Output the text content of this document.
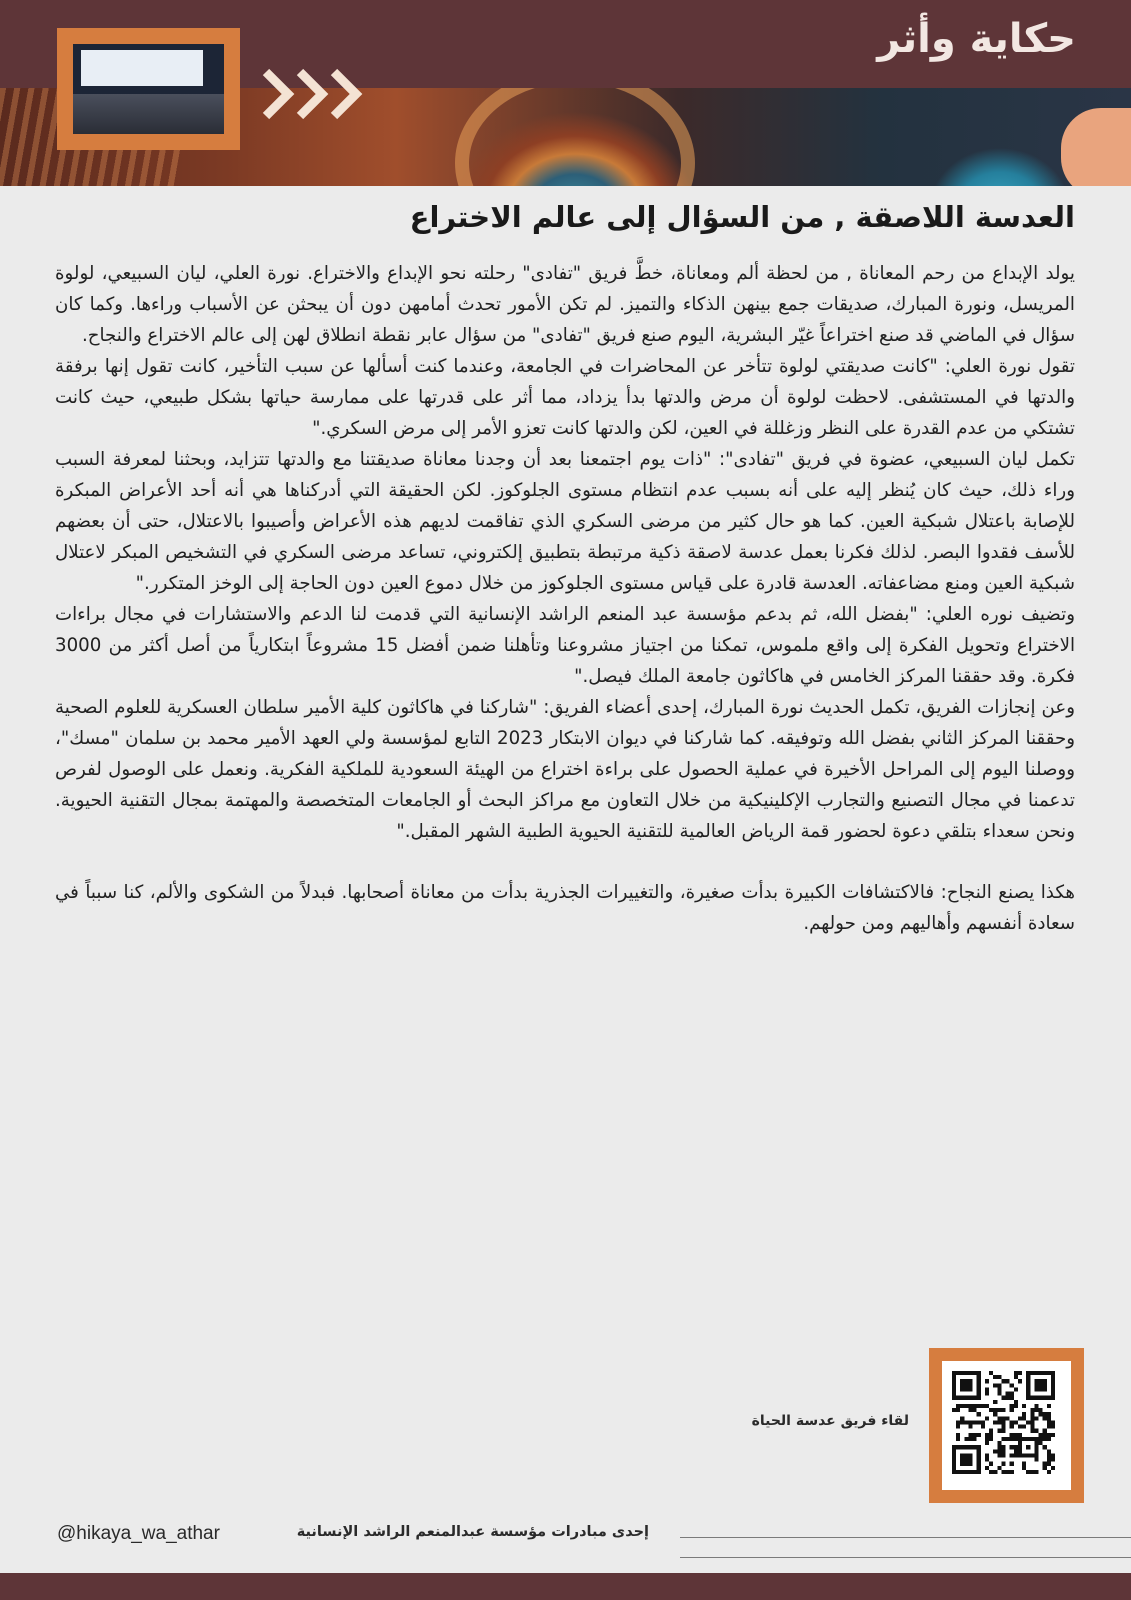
حكاية وأثر
العدسة اللاصقة , من السؤال إلى عالم الاختراع

يولد الإبداع من رحم المعاناة , من لحظة ألم ومعاناة، خطَّ فريق "تفادى" رحلته نحو الإبداع والاختراع. نورة العلي، ليان السبيعي، لولوة المريسل، ونورة المبارك، صديقات جمع بينهن الذكاء والتميز. لم تكن الأمور تحدث أمامهن دون أن يبحثن عن الأسباب وراءها. وكما كان سؤال في الماضي قد صنع اختراعاً غيّر البشرية، اليوم صنع فريق "تفادى" من سؤال عابر نقطة انطلاق لهن إلى عالم الاختراع والنجاح.

تقول نورة العلي: "كانت صديقتي لولوة تتأخر عن المحاضرات في الجامعة، وعندما كنت أسألها عن سبب التأخير، كانت تقول إنها برفقة والدتها في المستشفى. لاحظت لولوة أن مرض والدتها بدأ يزداد، مما أثر على قدرتها على ممارسة حياتها بشكل طبيعي، حيث كانت تشتكي من عدم القدرة على النظر وزغللة في العين، لكن والدتها كانت تعزو الأمر إلى مرض السكري."

تكمل ليان السبيعي، عضوة في فريق "تفادى": "ذات يوم اجتمعنا بعد أن وجدنا معاناة صديقتنا مع والدتها تتزايد، وبحثنا لمعرفة السبب وراء ذلك، حيث كان يُنظر إليه على أنه بسبب عدم انتظام مستوى الجلوكوز. لكن الحقيقة التي أدركناها هي أنه أحد الأعراض المبكرة للإصابة باعتلال شبكية العين. كما هو حال كثير من مرضى السكري الذي تفاقمت لديهم هذه الأعراض وأصيبوا بالاعتلال، حتى أن بعضهم للأسف فقدوا البصر. لذلك فكرنا بعمل عدسة لاصقة ذكية مرتبطة بتطبيق إلكتروني، تساعد مرضى السكري في التشخيص المبكر لاعتلال شبكية العين ومنع مضاعفاته. العدسة قادرة على قياس مستوى الجلوكوز من خلال دموع العين دون الحاجة إلى الوخز المتكرر."

وتضيف نوره العلي: "بفضل الله، ثم بدعم مؤسسة عبد المنعم الراشد الإنسانية التي قدمت لنا الدعم والاستشارات في مجال براءات الاختراع وتحويل الفكرة إلى واقع ملموس، تمكنا من اجتياز مشروعنا وتأهلنا ضمن أفضل 15 مشروعاً ابتكارياً من أصل أكثر من 3000 فكرة. وقد حققنا المركز الخامس في هاكاثون جامعة الملك فيصل."

وعن إنجازات الفريق، تكمل الحديث نورة المبارك، إحدى أعضاء الفريق: "شاركنا في هاكاثون كلية الأمير سلطان العسكرية للعلوم الصحية وحققنا المركز الثاني بفضل الله وتوفيقه. كما شاركنا في ديوان الابتكار 2023 التابع لمؤسسة ولي العهد الأمير محمد بن سلمان "مسك"، ووصلنا اليوم إلى المراحل الأخيرة في عملية الحصول على براءة اختراع من الهيئة السعودية للملكية الفكرية. ونعمل على الوصول لفرص تدعمنا في مجال التصنيع والتجارب الإكلينيكية من خلال التعاون مع مراكز البحث أو الجامعات المتخصصة والمهتمة بمجال التقنية الحيوية. ونحن سعداء بتلقي دعوة لحضور قمة الرياض العالمية للتقنية الحيوية الطبية الشهر المقبل."

هكذا يصنع النجاح: فالاكتشافات الكبيرة بدأت صغيرة، والتغييرات الجذرية بدأت من معاناة أصحابها. فبدلاً من الشكوى والألم، كنا سبباً في سعادة أنفسهم وأهاليهم ومن حولهم.

لقاء فريق عدسة الحياة
@hikaya_wa_athar	إحدى مبادرات مؤسسة عبدالمنعم الراشد الإنسانية
